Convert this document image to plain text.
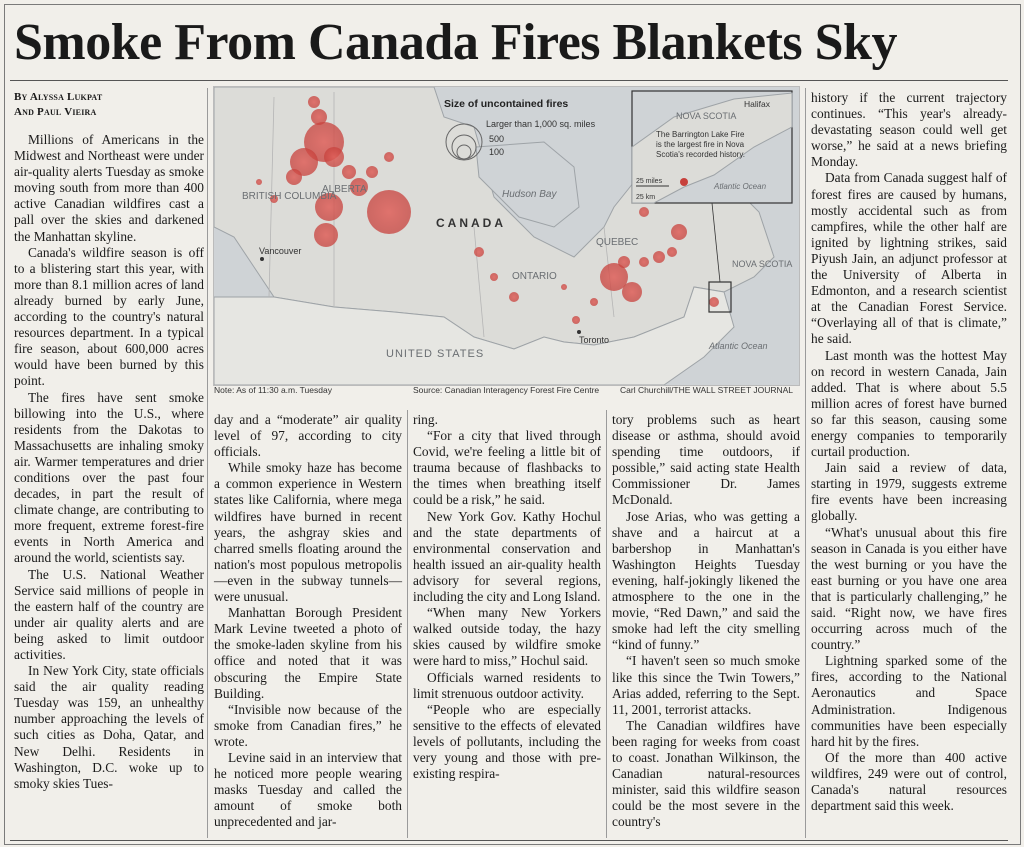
Smoke From Canada Fires Blankets Sky
By Alyssa Lukpat
And Paul Vieira

Millions of Americans in the Midwest and Northeast were under air-quality alerts Tuesday as smoke moving south from more than 400 active Canadian wildfires cast a pall over the skies and darkened the Manhattan skyline.

Canada's wildfire season is off to a blistering start this year, with more than 8.1 million acres of land already burned by early June, according to the country's natural resources department. In a typical fire season, about 600,000 acres would have been burned by this point.

The fires have sent smoke billowing into the U.S., where residents from the Dakotas to Massachusetts are inhaling smoky air. Warmer temperatures and drier conditions over the past four decades, in part the result of climate change, are contributing to more frequent, extreme forest-fire events in North America and around the world, scientists say.

The U.S. National Weather Service said millions of people in the eastern half of the country are under air quality alerts and are being asked to limit outdoor activities.

In New York City, state officials said the air quality reading Tuesday was 159, an unhealthy number approaching the levels of such cities as Doha, Qatar, and New Delhi. Residents in Washington, D.C. woke up to smoky skies Tues-

BRITISH COLUMBIA
ALBERTA
CANADA
Hudson Bay
QUEBEC
ONTARIO
NOVA SCOTIA
UNITED STATES
Atlantic Ocean
Vancouver
Toronto
Size of uncontained fires
Larger than 1,000 sq. miles
500
100
NOVA SCOTIA
Halifax
The Barrington Lake Fire
is the largest fire in Nova
Scotia's recorded history.
25 miles
25 km
Atlantic Ocean
Note: As of 11:30 a.m. Tuesday	Source: Canadian Interagency Forest Fire Centre Carl Churchill/THE WALL STREET JOURNAL

day and a “moderate” air quality level of 97, according to city officials.

While smoky haze has become a common experience in Western states like California, where mega wildfires have burned in recent years, the ashgray skies and charred smells floating around the nation's most populous metropolis—even in the subway tunnels—were unusual.

Manhattan Borough President Mark Levine tweeted a photo of the smoke-laden skyline from his office and noted that it was obscuring the Empire State Building.

“Invisible now because of the smoke from Canadian fires,” he wrote.

Levine said in an interview that he noticed more people wearing masks Tuesday and called the amount of smoke both unprecedented and jar-

ring.

“For a city that lived through Covid, we're feeling a little bit of trauma because of flashbacks to the times when breathing itself could be a risk,” he said.

New York Gov. Kathy Hochul and the state departments of environmental conservation and health issued an air-quality health advisory for several regions, including the city and Long Island.

“When many New Yorkers walked outside today, the hazy skies caused by wildfire smoke were hard to miss,” Hochul said.

Officials warned residents to limit strenuous outdoor activity.

“People who are especially sensitive to the effects of elevated levels of pollutants, including the very young and those with pre-existing respira-

tory problems such as heart disease or asthma, should avoid spending time outdoors, if possible,” said acting state Health Commissioner Dr. James McDonald.

Jose Arias, who was getting a shave and a haircut at a barbershop in Manhattan's Washington Heights Tuesday evening, half-jokingly likened the atmosphere to the one in the movie, “Red Dawn,” and said the smoke had left the city smelling “kind of funny.”

“I haven't seen so much smoke like this since the Twin Towers,” Arias added, referring to the Sept. 11, 2001, terrorist attacks.

The Canadian wildfires have been raging for weeks from coast to coast. Jonathan Wilkinson, the Canadian natural-resources minister, said this wildfire season could be the most severe in the country's

history if the current trajectory continues. “This year's already-devastating season could well get worse,” he said at a news briefing Monday.

Data from Canada suggest half of forest fires are caused by humans, mostly accidental such as from campfires, while the other half are ignited by lightning strikes, said Piyush Jain, an adjunct professor at the University of Alberta in Edmonton, and a research scientist at the Canadian Forest Service. “Overlaying all of that is climate,” he said.

Last month was the hottest May on record in western Canada, Jain added. That is where about 5.5 million acres of forest have burned so far this season, causing some energy companies to temporarily curtail production.

Jain said a review of data, starting in 1979, suggests extreme fire events have been increasing globally.

“What's unusual about this fire season in Canada is you either have the west burning or you have the east burning or you have one area that is particularly challenging,” he said. “Right now, we have fires occurring across much of the country.”

Lightning sparked some of the fires, according to the National Aeronautics and Space Administration. Indigenous communities have been especially hard hit by the fires.

Of the more than 400 active wildfires, 249 were out of control, Canada's natural resources department said this week.
